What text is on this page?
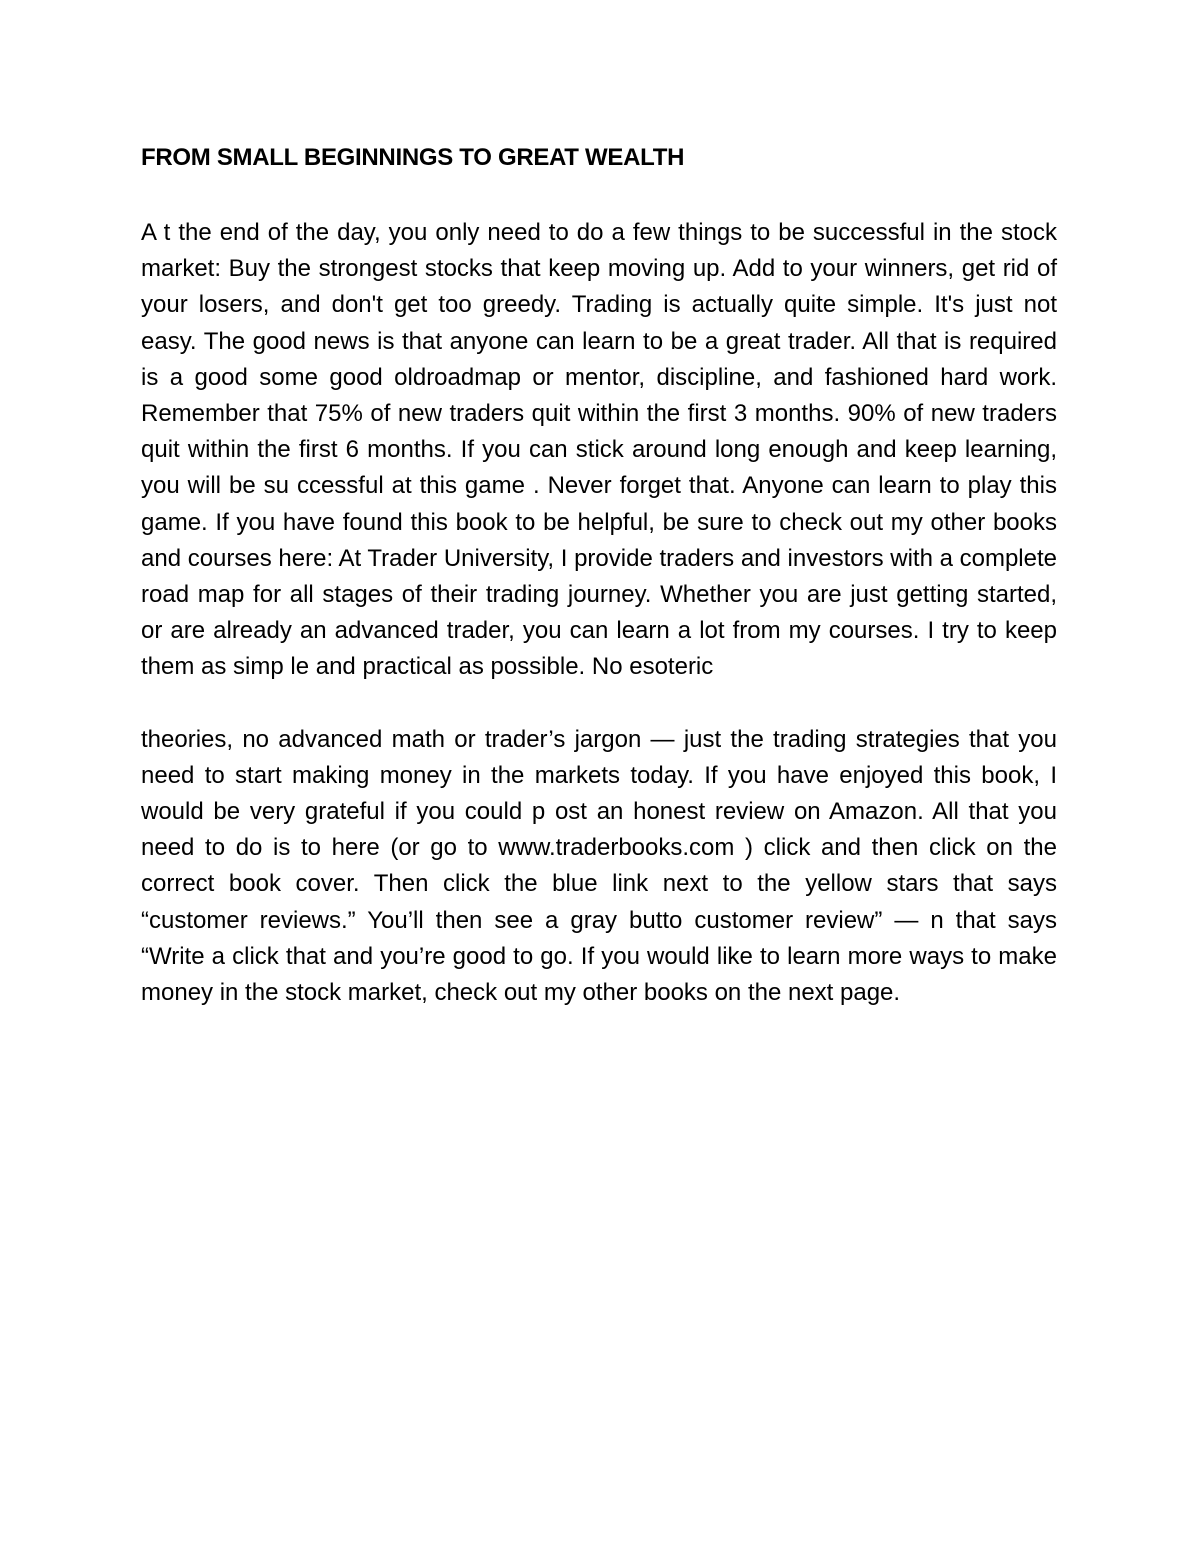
FROM SMALL BEGINNINGS TO GREAT WEALTH

A t the end of the day, you only need to do a few things to be successful in the stock market: Buy the strongest stocks that keep moving up. Add to your winners, get rid of your losers, and don't get too greedy. Trading is actually quite simple. It's just not easy. The good news is that anyone can learn to be a great trader. All that is required is a good some good oldroadmap or mentor, discipline, and fashioned hard work. Remember that 75% of new traders quit within the first 3 months. 90% of new traders quit within the first 6 months. If you can stick around long enough and keep learning, you will be su ccessful at this game . Never forget that. Anyone can learn to play this game. If you have found this book to be helpful, be sure to check out my other books and courses here: At Trader University, I provide traders and investors with a complete road map for all stages of their trading journey. Whether you are just getting started, or are already an advanced trader, you can learn a lot from my courses. I try to keep them as simp le and practical as possible. No esoteric

theories, no advanced math or trader’s jargon — just the trading strategies that you need to start making money in the markets today. If you have enjoyed this book, I would be very grateful if you could p ost an honest review on Amazon. All that you need to do is to here (or go to www.traderbooks.com ) click and then click on the correct book cover. Then click the blue link next to the yellow stars that says “customer reviews.” You’ll then see a gray butto customer review” — n that says “Write a click that and you’re good to go. If you would like to learn more ways to make money in the stock market, check out my other books on the next page.
